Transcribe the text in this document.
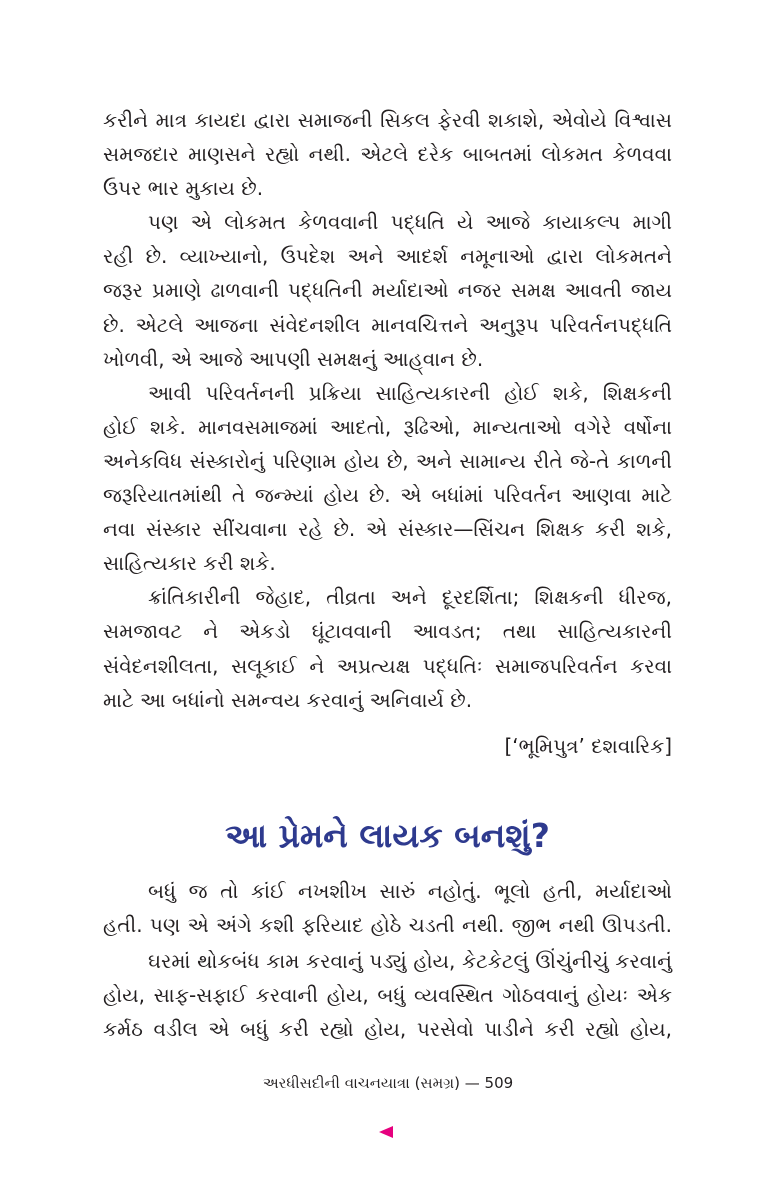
કરીને માત્ર કાયદા દ્વારા સમાજની સિકલ ફેરવી શકાશે, એવોયે વિશ્વાસ
સમજદાર માણસને રહ્યો નથી. એટલે દરેક બાબતમાં લોકમત કેળવવા
ઉપર ભાર મુકાય છે.
પણ એ લોકમત કેળવવાની પદ્ધતિ યે આજે કાયાકલ્પ માગી
રહી છે. વ્યાખ્યાનો, ઉપદેશ અને આદર્શ નમૂનાઓ દ્વારા લોકમતને
જરૂર પ્રમાણે ઢાળવાની પદ્ધતિની મર્યાદાઓ નજર સમક્ષ આવતી જાય
છે. એટલે આજના સંવેદનશીલ માનવચિત્તને અનુરૂપ પરિવર્તનપદ્ધતિ
ખોળવી, એ આજે આપણી સમક્ષનું આહ્‌વાન છે.
આવી પરિવર્તનની પ્રક્રિયા સાહિત્યકારની હોઈ શકે, શિક્ષકની
હોઈ શકે. માનવસમાજમાં આદતો, રૂઢિઓ, માન્યતાઓ વગેરે વર્ષોના
અનેકવિધ સંસ્કારોનું પરિણામ હોય છે, અને સામાન્ય રીતે જે-તે કાળની
જરૂરિયાતમાંથી તે જન્મ્યાં હોય છે. એ બધાંમાં પરિવર્તન આણવા માટે
નવા સંસ્કાર સીંચવાના રહે છે. એ સંસ્કાર—સિંચન શિક્ષક કરી શકે,
સાહિત્યકાર કરી શકે.
ક્રાંતિકારીની જેહાદ, તીવ્રતા અને દૂરદર્શિતા; શિક્ષકની ધીરજ,
સમજાવટ ને એકડો ઘૂંટાવવાની આવડત; તથા સાહિત્યકારની
સંવેદનશીલતા, સલૂકાઈ ને અપ્રત્યક્ષ પદ્ધતિઃ સમાજપરિવર્તન કરવા
માટે આ બધાંનો સમન્વય કરવાનું અનિવાર્ય છે.
[‘ભૂમિપુત્ર’ દશવારિક]
આ પ્રેમને લાયક બનશું?
બધું જ તો કાંઈ નખશીખ સારું નહોતું. ભૂલો હતી, મર્યાદાઓ
હતી. પણ એ અંગે કશી ફરિયાદ હોઠે ચડતી નથી. જીભ નથી ઊપડતી.
ઘરમાં થોકબંધ કામ કરવાનું પડ્યું હોય, કેટકેટલું ઊંચુંનીચું કરવાનું
હોય, સાફ-સફાઈ કરવાની હોય, બધું વ્યવસ્થિત ગોઠવવાનું હોયઃ એક
કર્મઠ વડીલ એ બધું કરી રહ્યો હોય, પરસેવો પાડીને કરી રહ્યો હોય,
અરધીસદીની વાચનયાત્રા (સમગ્ર) — 509
